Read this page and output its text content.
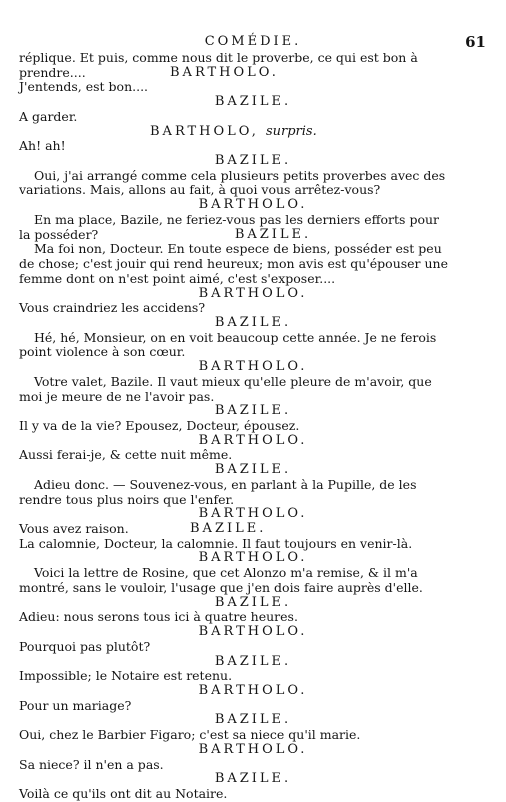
COMÉDIE.	61
réplique. Et puis, comme nous dit le proverbe, ce qui est bon à
prendre....	BARTHOLO.
J'entends, est bon....
BAZILE.
A garder.
BARTHOLO, surpris.
Ah! ah!
BAZILE.
Oui, j'ai arrangé comme cela plusieurs petits proverbes avec des
variations. Mais, allons au fait, à quoi vous arrêtez-vous?
BARTHOLO.
En ma place, Bazile, ne feriez-vous pas les derniers efforts pour
la posséder?	BAZILE.
Ma foi non, Docteur. En toute espece de biens, posséder est peu
de chose; c'est jouir qui rend heureux; mon avis est qu'épouser une
femme dont on n'est point aimé, c'est s'exposer....
BARTHOLO.
Vous craindriez les accidens?
BAZILE.
Hé, hé, Monsieur, on en voit beaucoup cette année. Je ne ferois
point violence à son cœur.
BARTHOLO.
Votre valet, Bazile. Il vaut mieux qu'elle pleure de m'avoir, que
moi je meure de ne l'avoir pas.
BAZILE.
Il y va de la vie? Epousez, Docteur, épousez.
BARTHOLO.
Aussi ferai-je, & cette nuit même.
BAZILE.
Adieu donc. — Souvenez-vous, en parlant à la Pupille, de les
rendre tous plus noirs que l'enfer.
BARTHOLO.
Vous avez raison.	BAZILE.
La calomnie, Docteur, la calomnie. Il faut toujours en venir-là.
BARTHOLO.
Voici la lettre de Rosine, que cet Alonzo m'a remise, & il m'a
montré, sans le vouloir, l'usage que j'en dois faire auprès d'elle.
BAZILE.
Adieu: nous serons tous ici à quatre heures.
BARTHOLO.
Pourquoi pas plutôt?
BAZILE.
Impossible; le Notaire est retenu.
BARTHOLO.
Pour un mariage?
BAZILE.
Oui, chez le Barbier Figaro; c'est sa niece qu'il marie.
BARTHOLO.
Sa niece? il n'en a pas.
BAZILE.
Voilà ce qu'ils ont dit au Notaire.
